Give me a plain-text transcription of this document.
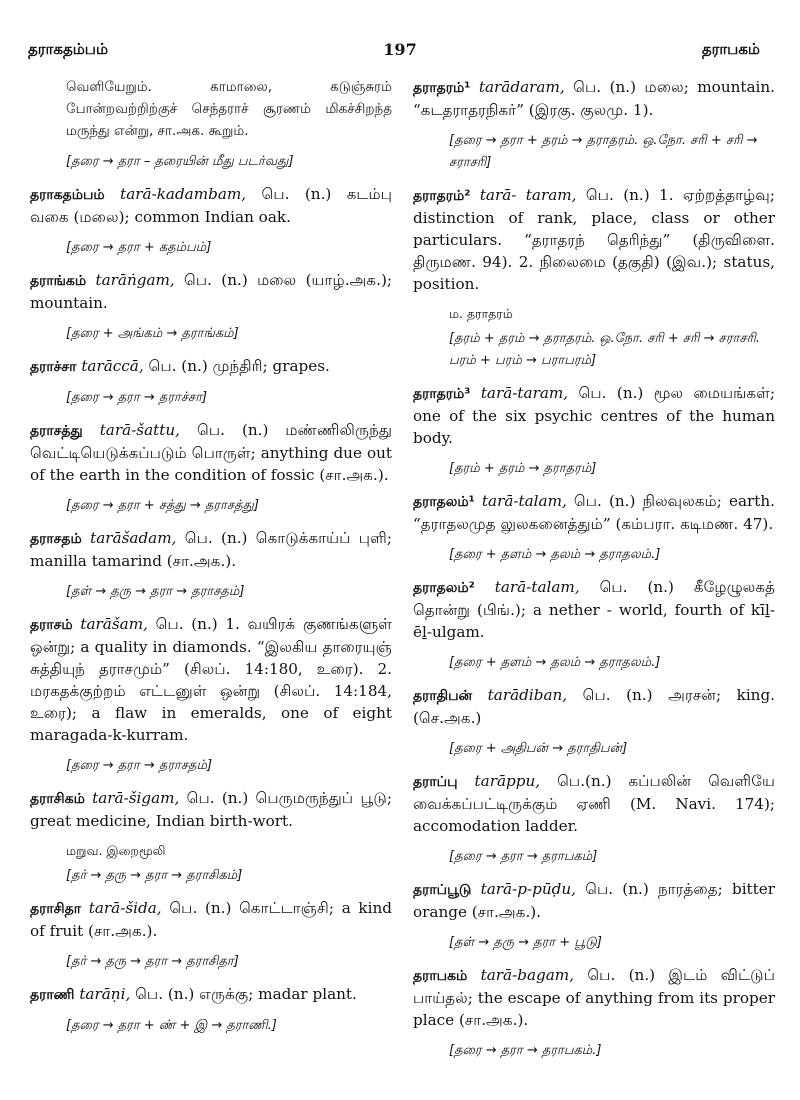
தராகதம்பம்	197	தராபகம்
வெளியேறும். காமாலை, கடுஞ்சுரம் போன்றவற்றிற்குச் செந்தராச் சூரணம் மிகச்சிறந்த மருந்து என்று, சா.அக. கூறும்.
[தரை → தரா – தரையின் மீது படர்வது]
தராகதம்பம் tarā-kadambam, பெ. (n.) கடம்பு வகை (மலை); common Indian oak.
[தரை → தரா + கதம்பம்]
தராங்கம் tarāṅgam, பெ. (n.) மலை (யாழ்.அக.); mountain.
[தரை + அங்கம் → தராங்கம்]
தராச்சா tarāccā, பெ. (n.) முந்திரி; grapes.
[தரை → தரா → தராச்சா]
தராசத்து tarā-šattu, பெ. (n.) மண்ணிலிருந்து வெட்டியெடுக்கப்படும் பொருள்; anything due out of the earth in the condition of fossic (சா.அக.).
[தரை → தரா + சத்து → தராசத்து]
தராசதம் tarāšadam, பெ. (n.) கொடுக்காய்ப் புளி; manilla tamarind (சா.அக.).
[தள் → தரு → தரா → தராசதம்]
தராசம் tarāšam, பெ. (n.) 1. வயிரக் குணங்களுள் ஒன்று; a quality in diamonds. “இலகிய தாரையுஞ் சுத்தியுந் தராசமும்” (சிலப். 14:180, உரை). 2. மரகதக்குற்றம் எட்டனுள் ஒன்று (சிலப். 14:184, உரை); a flaw in emeralds, one of eight maragada-k-kurram.
[தரை → தரா → தராசதம்]
தராசிகம் tarā-šigam, பெ. (n.) பெருமருந்துப் பூடு; great medicine, Indian birth-wort.
மறுவ. இறைமூலி
[தர் → தரு → தரா → தராசிகம்]
தராசிதா tarā-šida, பெ. (n.) கொட்டாஞ்சி; a kind of fruit (சா.அக.).
[தர் → தரு → தரா → தராசிதா]
தராணி tarāṇi, பெ. (n.) எருக்கு; madar plant.
[தரை → தரா + ண் + இ → தராணி.]
தராதரம்¹ tarādaram, பெ. (n.) மலை; mountain. “கடதராதரநிகர்” (இரகு. குலமு. 1).
[தரை → தரா + தரம் → தராதரம். ஒ.நோ. சரி + சரி → சராசரி]
தராதரம்² tarā- taram, பெ. (n.) 1. ஏற்றத்தாழ்வு; distinction of rank, place, class or other particulars. “தராதரந் தெரிந்து” (திருவிளை. திருமண. 94). 2. நிலைமை (தகுதி) (இவ.); status, position.
ம. தராதரம்
[தரம் + தரம் → தராதரம். ஒ.நோ. சரி + சரி → சராசரி. பரம் + பரம் → பராபரம்]
தராதரம்³ tarā-taram, பெ. (n.) மூல மையங்கள்; one of the six psychic centres of the human body.
[தரம் + தரம் → தராதரம்]
தராதலம்¹ tarā-talam, பெ. (n.) நிலவுலகம்; earth. “தராதலமுத லுலகனைத்தும்” (கம்பரா. கடிமண. 47).
[தரை + தளம் → தலம் → தராதலம்.]
தராதலம்² tarā-talam, பெ. (n.) கீழேழுலகத் தொன்று (பிங்.); a nether - world, fourth of kīḻ-ēḻ-ulgam.
[தரை + தளம் → தலம் → தராதலம்.]
தராதிபன் tarādiban, பெ. (n.) அரசன்; king. (செ.அக.)
[தரை + அதிபன் → தராதிபன்]
தராப்பு tarāppu, பெ.(n.) கப்பலின் வெளியே வைக்கப்பட்டிருக்கும் ஏணி (M. Navi. 174); accomodation ladder.
[தரை → தரா → தராபகம்]
தராப்பூடு tarā-p-pūḍu, பெ. (n.) நாரத்தை; bitter orange (சா.அக.).
[தள் → தரு → தரா + பூடு]
தராபகம் tarā-bagam, பெ. (n.) இடம் விட்டுப் பாய்தல்; the escape of anything from its proper place (சா.அக.).
[தரை → தரா → தராபகம்.]
